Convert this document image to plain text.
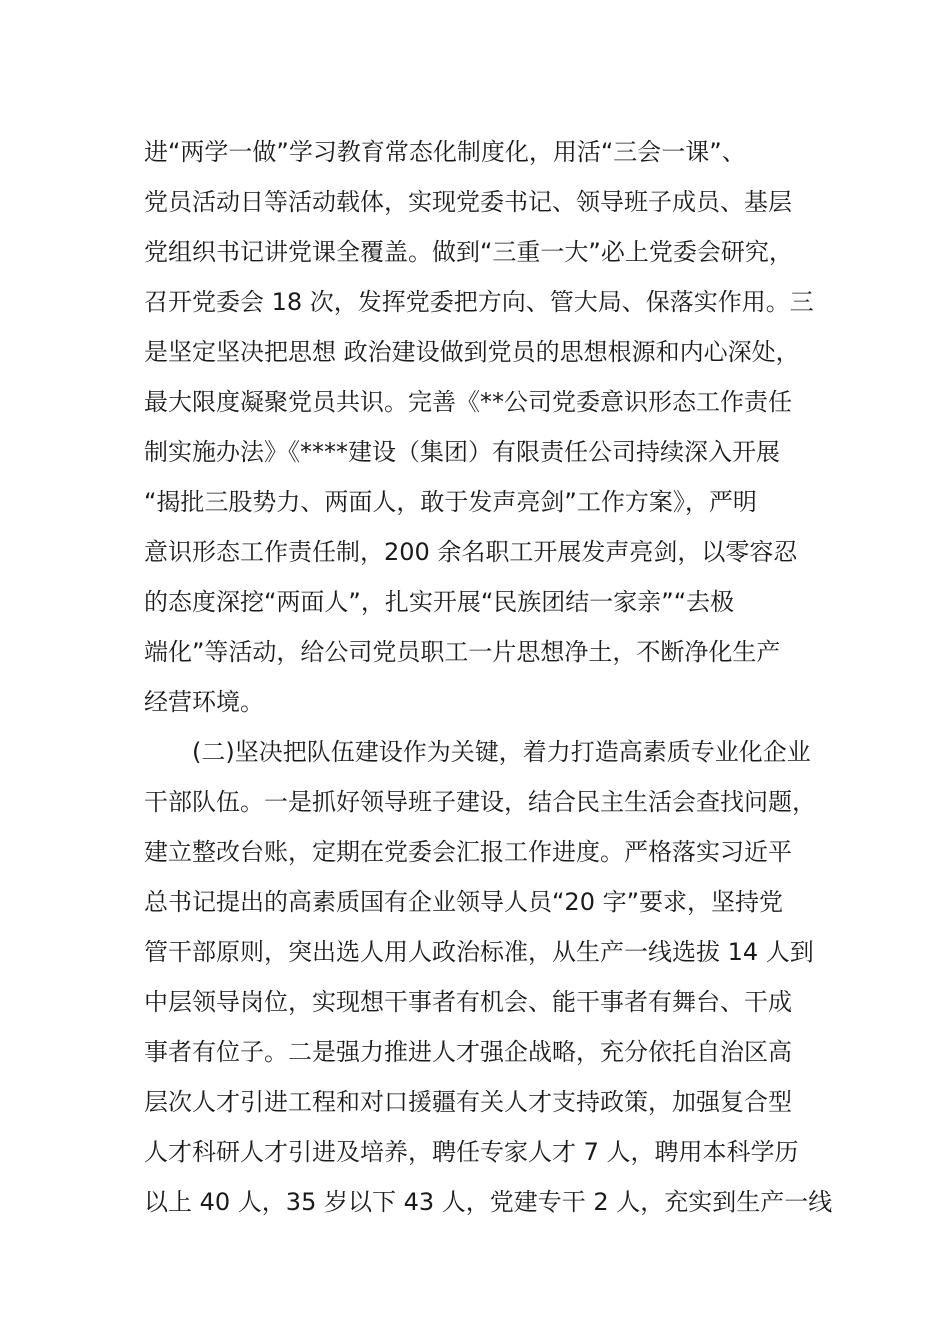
进“两学一做”学习教育常态化制度化，用活“三会一课”、
党员活动日等活动载体，实现党委书记、领导班子成员、基层
党组织书记讲党课全覆盖。做到“三重一大”必上党委会研究，
召开党委会 18 次，发挥党委把方向、管大局、保落实作用。三
是坚定坚决把思想 政治建设做到党员的思想根源和内心深处，
最大限度凝聚党员共识。完善《**公司党委意识形态工作责任
制实施办法》《****建设（集团）有限责任公司持续深入开展
“揭批三股势力、两面人，敢于发声亮剑”工作方案》，严明
意识形态工作责任制，200 余名职工开展发声亮剑，以零容忍
的态度深挖“两面人”，扎实开展“民族团结一家亲”“去极
端化”等活动，给公司党员职工一片思想净土，不断净化生产
经营环境。
(二)坚决把队伍建设作为关键，着力打造高素质专业化企业
干部队伍。一是抓好领导班子建设，结合民主生活会查找问题，
建立整改台账，定期在党委会汇报工作进度。严格落实习近平
总书记提出的高素质国有企业领导人员“20 字”要求，坚持党
管干部原则，突出选人用人政治标准，从生产一线选拔 14 人到
中层领导岗位，实现想干事者有机会、能干事者有舞台、干成
事者有位子。二是强力推进人才强企战略，充分依托自治区高
层次人才引进工程和对口援疆有关人才支持政策，加强复合型
人才科研人才引进及培养，聘任专家人才 7 人，聘用本科学历
以上 40 人，35 岁以下 43 人，党建专干 2 人，充实到生产一线
